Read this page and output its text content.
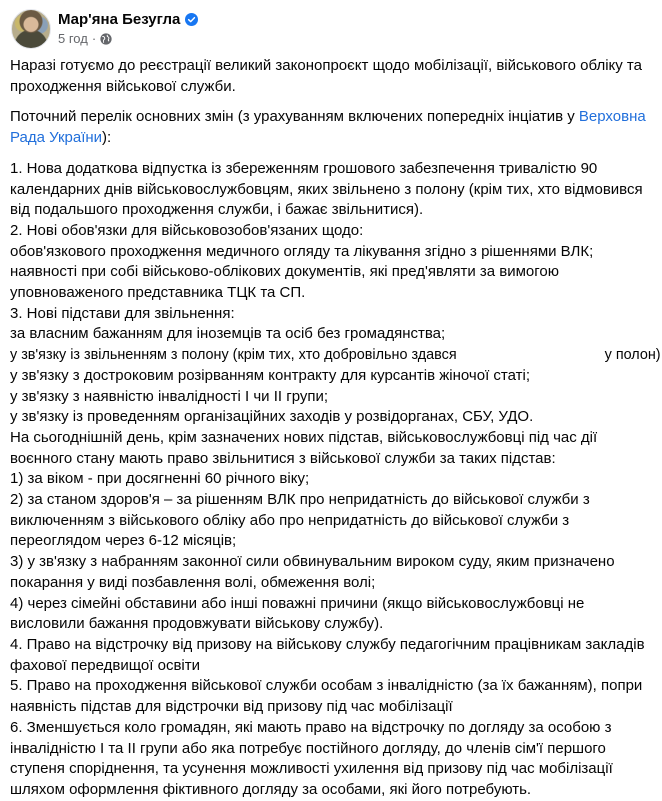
Мар'яна Безугла
5 год ·

Наразі готуємо до реєстрації великий законопроєкт щодо мобілізації, військового обліку та
проходження військової служби.

Поточний перелік основних змін (з урахуванням включених попередніх інціатив у Верховна
Рада України):

1. Нова додаткова відпустка із збереженням грошового забезпечення тривалістю 90
календарних днів військовослужбовцям, яких звільнено з полону (крім тих, хто відмовився
від подальшого проходження служби, і бажає звільнитися).
2. Нові обов'язки для військовозобов'язаних щодо:
обов'язкового проходження медичного огляду та лікування згідно з рішеннями ВЛК;
наявності при собі військово-облікових документів, які пред'являти за вимогою
уповноваженого представника ТЦК та СП.
3. Нові підстави для звільнення:
за власним бажанням для іноземців та осіб без громадянства;
у зв'язку із звільненням з полону (крім тих, хто добровільно здався	у полон)
у зв'язку з достроковим розірванням контракту для курсантів жіночої статі;
у зв'язку з наявністю інвалідності І чи ІІ групи;
у зв'язку із проведенням організаційних заходів у розвідорганах, СБУ, УДО.
На сьогоднішній день, крім зазначених нових підстав, військовослужбовці під час дії
воєнного стану мають право звільнитися з військової служби за таких підстав:
1) за віком - при досягненні 60 річного віку;
2) за станом здоров'я – за рішенням ВЛК про непридатність до військової служби з
виключенням з військового обліку або про непридатність до військової служби з
переоглядом через 6-12 місяців;
3) у зв'язку з набранням законної сили обвинувальним вироком суду, яким призначено
покарання у виді позбавлення волі, обмеження волі;
4) через сімейні обставини або інші поважні причини (якщо військовослужбовці не
висловили бажання продовжувати військову службу).
4. Право на відстрочку від призову на військову службу педагогічним працівникам закладів
фахової передвищої освіти
5. Право на проходження військової служби особам з інвалідністю (за їх бажанням), попри
наявність підстав для відстрочки від призову під час мобілізації
6. Зменшується коло громадян, які мають право на відстрочку по догляду за особою з
інвалідністю І та ІІ групи або яка потребує постійного догляду, до членів сім'ї першого
ступеня споріднення, та усунення можливості ухилення від призову під час мобілізації
шляхом оформлення фіктивного догляду за особами, які його потребують.
